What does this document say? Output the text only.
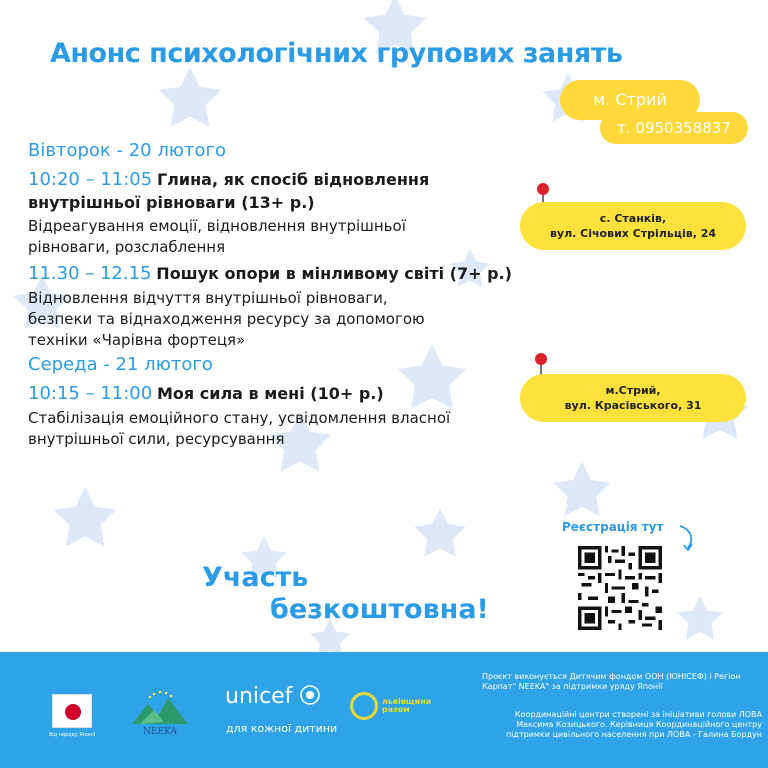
Анонс психологічних групових занять
м. Стрий
т. 0950358837
Вівторок - 20 лютого
10:20 – 11:05 Глина, як спосіб відновлення
внутрішньої рівноваги (13+ р.)
Відреагування емоції, відновлення внутрішньої
рівноваги, розслаблення
11.30 – 12.15 Пошук опори в мінливому світі (7+ р.)
Відновлення відчуття внутрішньої рівноваги,
безпеки та віднаходження ресурсу за допомогою
техніки «Чарівна фортеця»
с. Станків,
вул. Січових Стрільців, 24
Середа - 21 лютого
10:15 – 11:00 Моя сила в мені (10+ р.)
Стабілізація емоційного стану, усвідомлення власної
внутрішньої сили, ресурсування
м.Стрий,
вул. Красівського, 31
Участь
безкоштовна!
Реєстрація тут
Від народу Японії	NEEKA
unicef
для кожної дитини
львівщина
разом
Проєкт виконується Дитячим фондом ООН (ЮНІСЕФ) і Регіон Карпат" NEEKA" за підтримки уряду Японії
Координаційні центри створені за ініціативи голови ЛОВА Максима Козицького. Керівниця Координаційного центру підтримки цивільного населення при ЛОВА - Галина Бордун
